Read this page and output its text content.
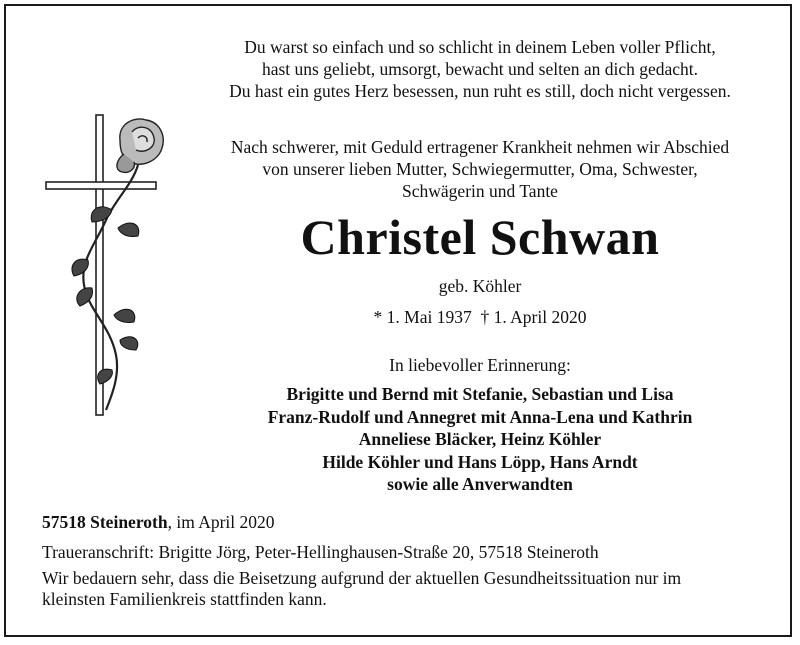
Du warst so einfach und so schlicht in deinem Leben voller Pflicht,
hast uns geliebt, umsorgt, bewacht und selten an dich gedacht.
Du hast ein gutes Herz besessen, nun ruht es still, doch nicht vergessen.
Nach schwerer, mit Geduld ertragener Krankheit nehmen wir Abschied
von unserer lieben Mutter, Schwiegermutter, Oma, Schwester,
Schwägerin und Tante
Christel Schwan
geb. Köhler
* 1. Mai 1937  † 1. April 2020
In liebevoller Erinnerung:
Brigitte und Bernd mit Stefanie, Sebastian und Lisa
Franz-Rudolf und Annegret mit Anna-Lena und Kathrin
Anneliese Bläcker, Heinz Köhler
Hilde Köhler und Hans Löpp, Hans Arndt
sowie alle Anverwandten
57518 Steineroth, im April 2020
Traueranschrift: Brigitte Jörg, Peter-Hellinghausen-Straße 20, 57518 Steineroth
Wir bedauern sehr, dass die Beisetzung aufgrund der aktuellen Gesundheitssituation nur im
kleinsten Familienkreis stattfinden kann.
